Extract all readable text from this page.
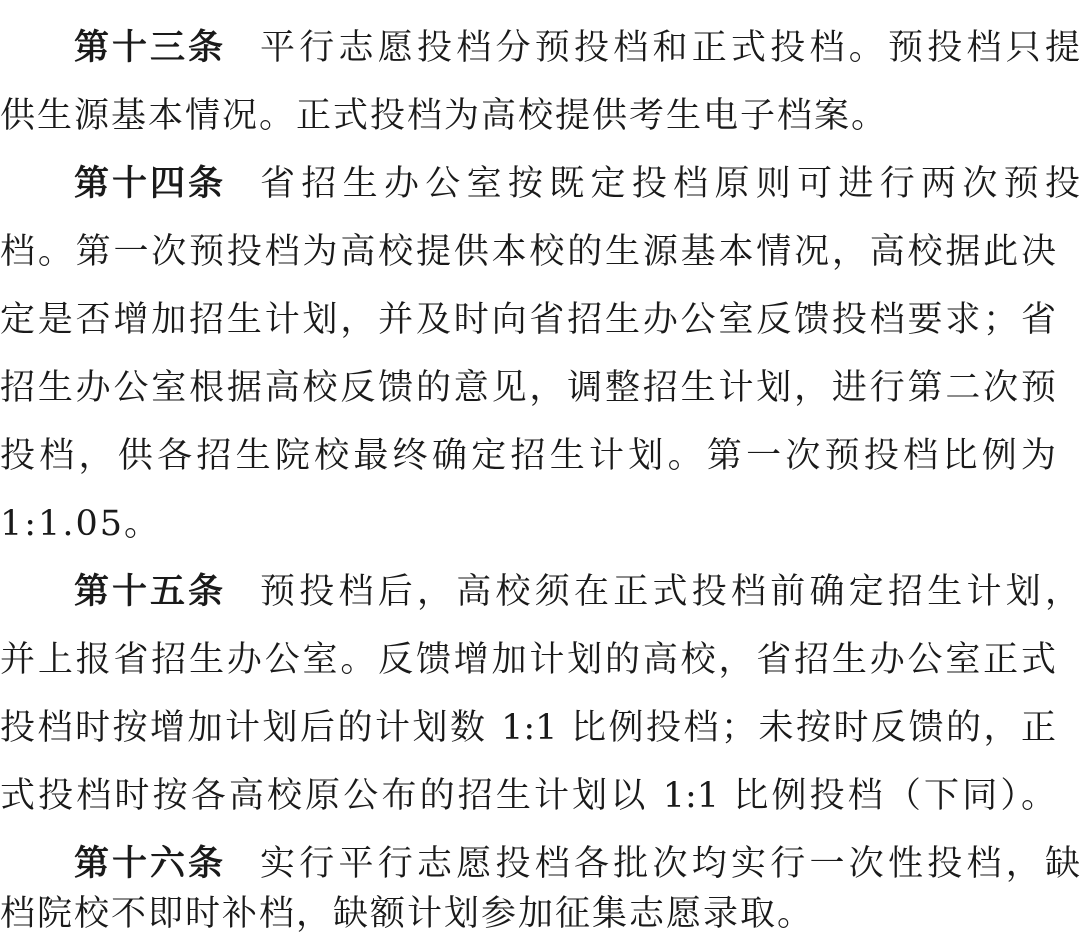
第十三条 平行志愿投档分预投档和正式投档。预投档只提
供生源基本情况。正式投档为高校提供考生电子档案。
第十四条 省招生办公室按既定投档原则可进行两次预投
档。第一次预投档为高校提供本校的生源基本情况，高校据此决
定是否增加招生计划，并及时向省招生办公室反馈投档要求；省
招生办公室根据高校反馈的意见，调整招生计划，进行第二次预
投档，供各招生院校最终确定招生计划。第一次预投档比例为
1:1.05。
第十五条 预投档后，高校须在正式投档前确定招生计划，
并上报省招生办公室。反馈增加计划的高校，省招生办公室正式
投档时按增加计划后的计划数 1:1 比例投档；未按时反馈的，正
式投档时按各高校原公布的招生计划以 1:1 比例投档（下同）。
第十六条 实行平行志愿投档各批次均实行一次性投档，缺
档院校不即时补档，缺额计划参加征集志愿录取。
